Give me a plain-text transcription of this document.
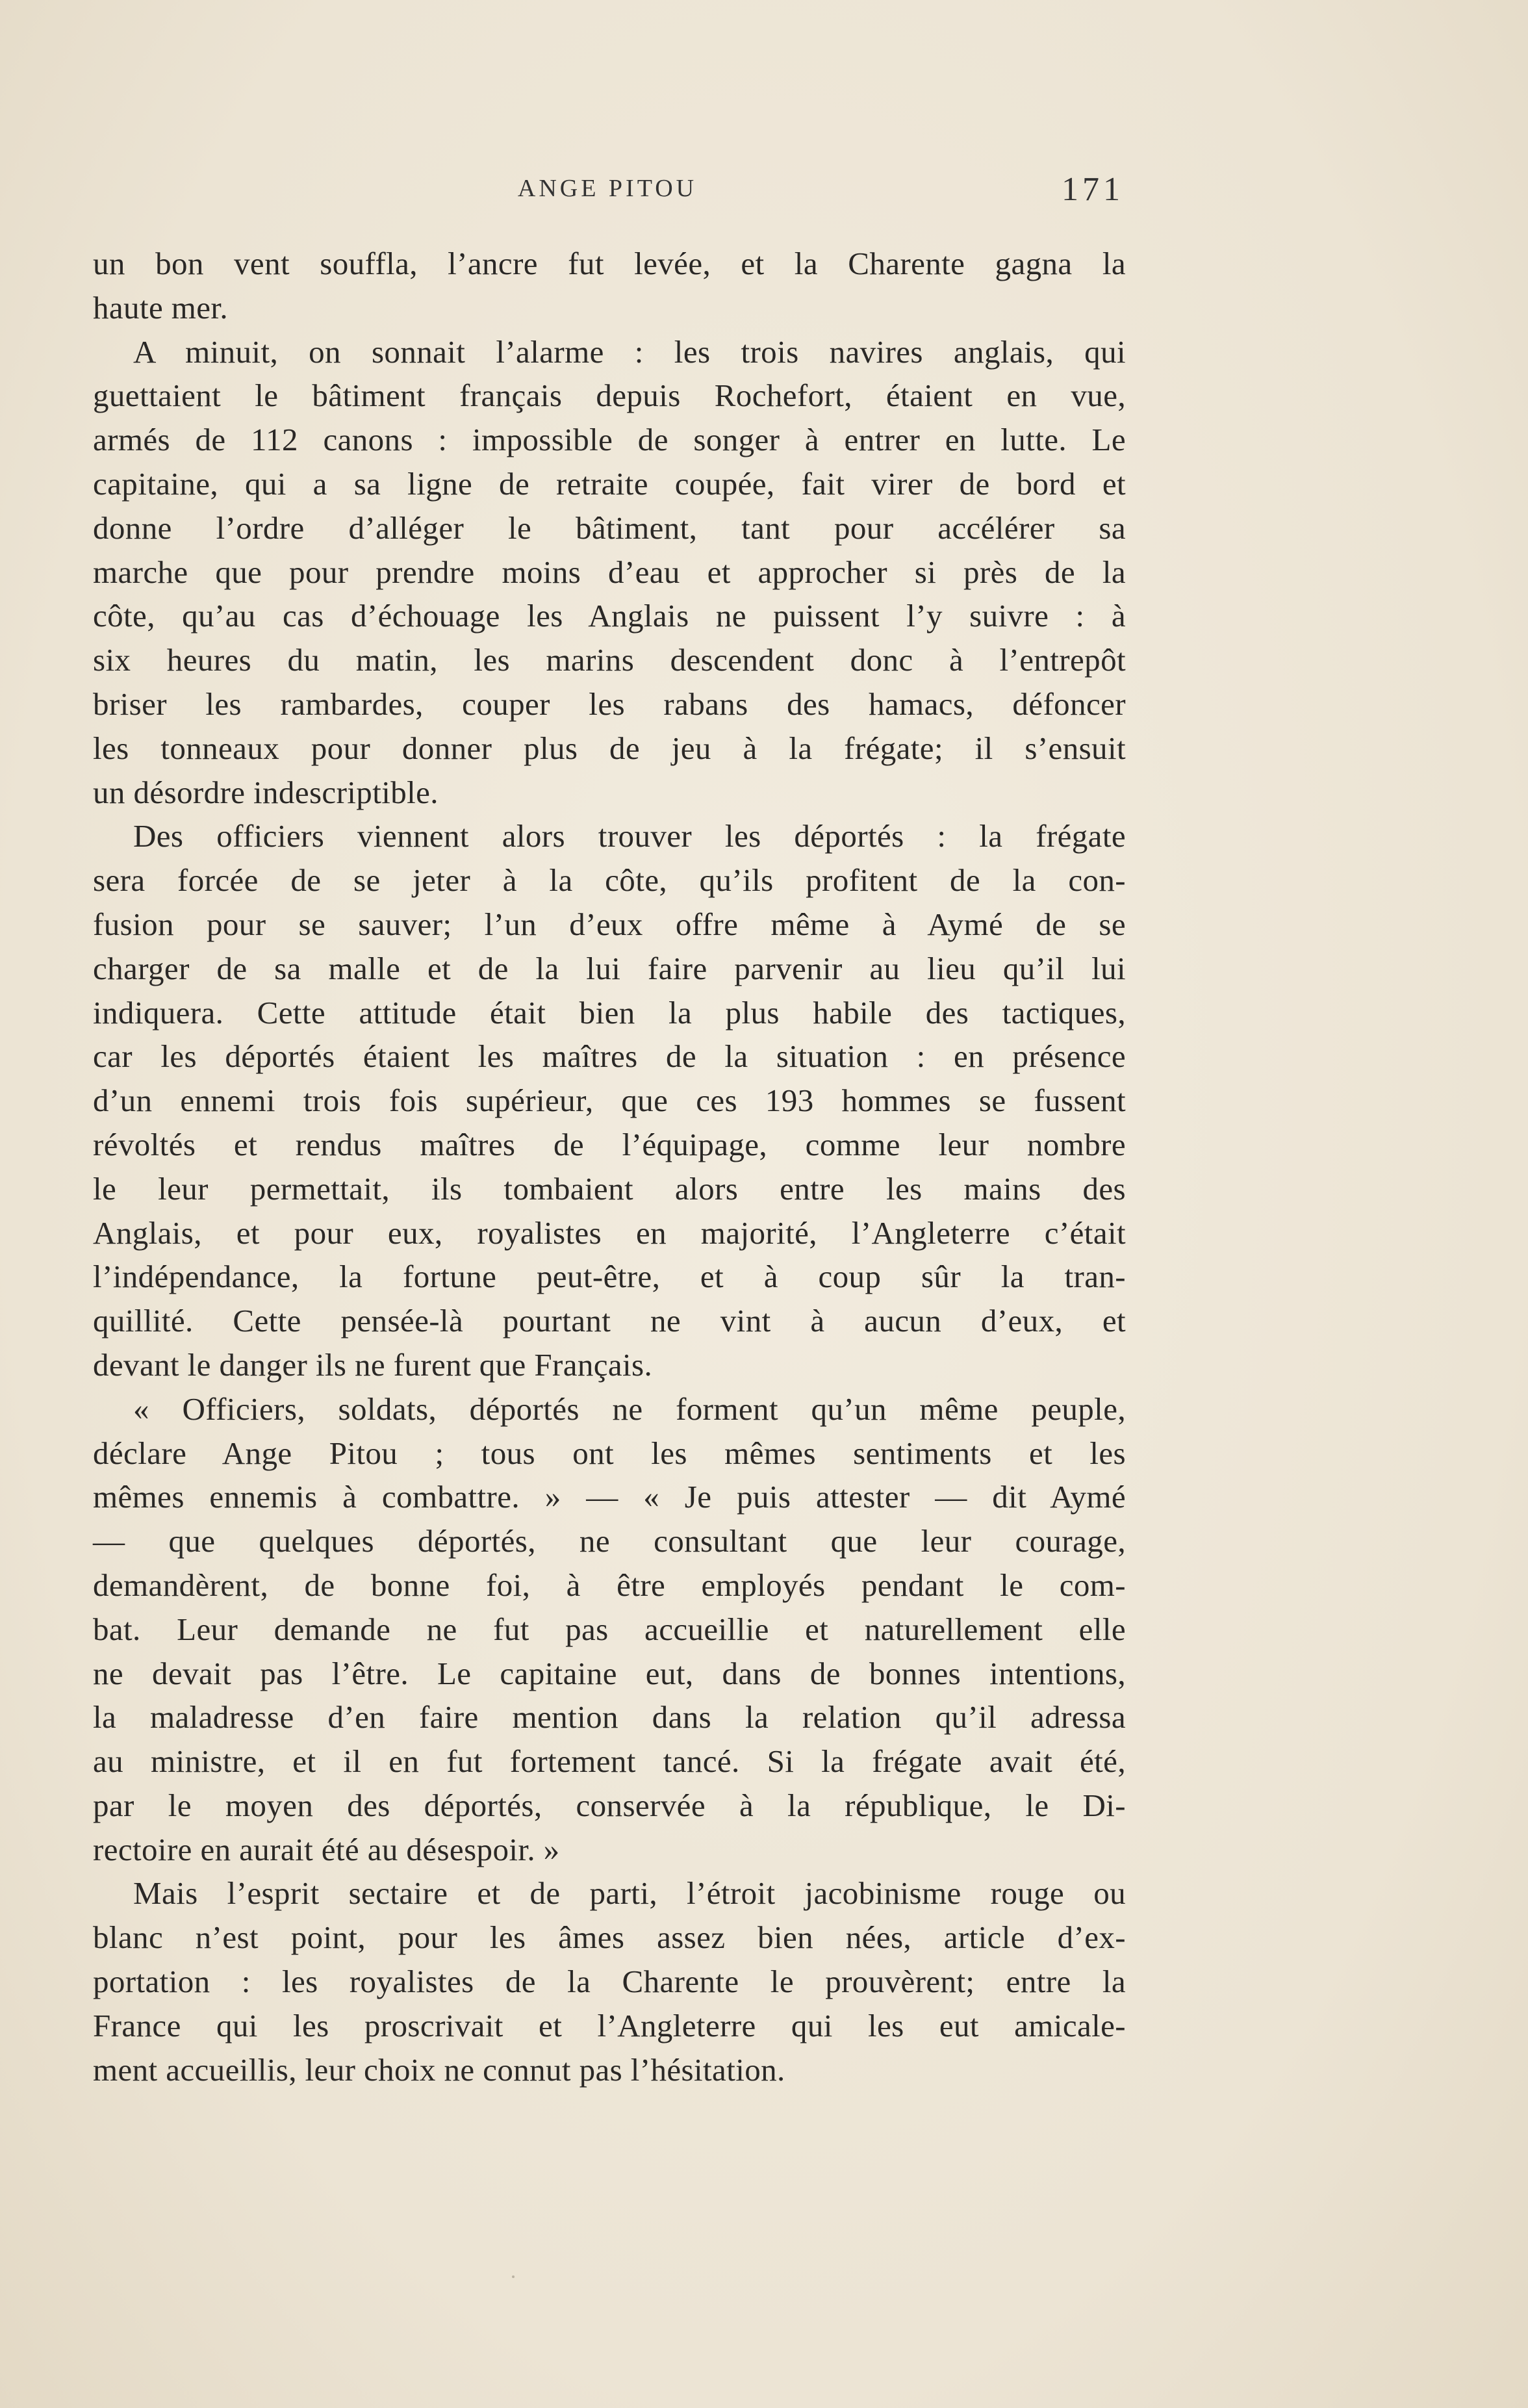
ANGE PITOU	171
un bon vent souffla, l’ancre fut levée, et la Charente gagna la
haute mer.
A minuit, on sonnait l’alarme : les trois navires anglais, qui
guettaient le bâtiment français depuis Rochefort, étaient en vue,
armés de 112 canons : impossible de songer à entrer en lutte. Le
capitaine, qui a sa ligne de retraite coupée, fait virer de bord et
donne l’ordre d’alléger le bâtiment, tant pour accélérer sa
marche que pour prendre moins d’eau et approcher si près de la
côte, qu’au cas d’échouage les Anglais ne puissent l’y suivre : à
six heures du matin, les marins descendent donc à l’entrepôt
briser les rambardes, couper les rabans des hamacs, défoncer
les tonneaux pour donner plus de jeu à la frégate; il s’ensuit
un désordre indescriptible.
Des officiers viennent alors trouver les déportés : la frégate
sera forcée de se jeter à la côte, qu’ils profitent de la con-
fusion pour se sauver; l’un d’eux offre même à Aymé de se
charger de sa malle et de la lui faire parvenir au lieu qu’il lui
indiquera. Cette attitude était bien la plus habile des tactiques,
car les déportés étaient les maîtres de la situation : en présence
d’un ennemi trois fois supérieur, que ces 193 hommes se fussent
révoltés et rendus maîtres de l’équipage, comme leur nombre
le leur permettait, ils tombaient alors entre les mains des
Anglais, et pour eux, royalistes en majorité, l’Angleterre c’était
l’indépendance, la fortune peut-être, et à coup sûr la tran-
quillité. Cette pensée-là pourtant ne vint à aucun d’eux, et
devant le danger ils ne furent que Français.
« Officiers, soldats, déportés ne forment qu’un même peuple,
déclare Ange Pitou ; tous ont les mêmes sentiments et les
mêmes ennemis à combattre. » — « Je puis attester — dit Aymé
— que quelques déportés, ne consultant que leur courage,
demandèrent, de bonne foi, à être employés pendant le com-
bat. Leur demande ne fut pas accueillie et naturellement elle
ne devait pas l’être. Le capitaine eut, dans de bonnes intentions,
la maladresse d’en faire mention dans la relation qu’il adressa
au ministre, et il en fut fortement tancé. Si la frégate avait été,
par le moyen des déportés, conservée à la république, le Di-
rectoire en aurait été au désespoir. »
Mais l’esprit sectaire et de parti, l’étroit jacobinisme rouge ou
blanc n’est point, pour les âmes assez bien nées, article d’ex-
portation : les royalistes de la Charente le prouvèrent; entre la
France qui les proscrivait et l’Angleterre qui les eut amicale-
ment accueillis, leur choix ne connut pas l’hésitation.
